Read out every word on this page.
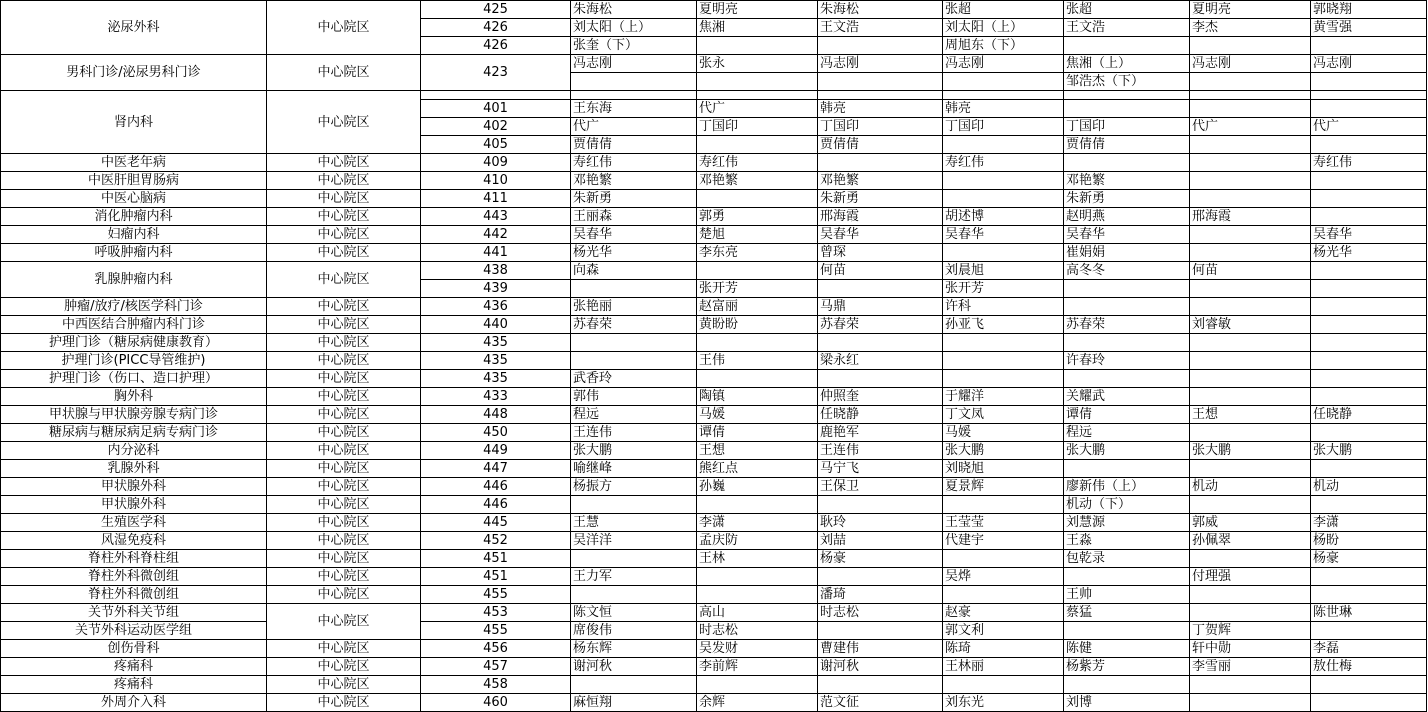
泌尿外科	中心院区	425	朱海松	夏明亮	朱海松	张超	张超	夏明亮	郭晓翔
		426	刘太阳（上）	焦湘	王文浩	刘太阳（上）	王文浩	李杰	黄雪强
		426	张奎（下）			周旭东（下）			
男科门诊/泌尿男科门诊	中心院区	423	冯志刚	张永	冯志刚	冯志刚	焦湘（上）	冯志刚	冯志刚
							邹浩杰（下）		
肾内科	中心院区								
		401	王东海	代广	韩亮	韩亮			
		402	代广	丁国印	丁国印	丁国印	丁国印	代广	代广
		405	贾倩倩		贾倩倩		贾倩倩		
中医老年病	中心院区	409	寿红伟	寿红伟		寿红伟			寿红伟
中医肝胆胃肠病	中心院区	410	邓艳繁	邓艳繁	邓艳繁		邓艳繁		
中医心脑病	中心院区	411	朱新勇		朱新勇		朱新勇		
消化肿瘤内科	中心院区	443	王丽森	郭勇	邢海霞	胡述博	赵明燕	邢海霞	
妇瘤内科	中心院区	442	吴春华	楚旭	吴春华	吴春华	吴春华		吴春华
呼吸肿瘤内科	中心院区	441	杨光华	李东亮	曾琛		崔娟娟		杨光华
乳腺肿瘤内科	中心院区	438	向森		何苗	刘晨旭	高冬冬	何苗	
		439		张开芳		张开芳			
肿瘤/放疗/核医学科门诊	中心院区	436	张艳丽	赵富丽	马鼎	许科			
中西医结合肿瘤内科门诊	中心院区	440	苏春荣	黄盼盼	苏春荣	孙亚飞	苏春荣	刘睿敏	
护理门诊（糖尿病健康教育）	中心院区	435							
护理门诊(PICC导管维护)	中心院区	435		王伟	梁永红		许春玲		
护理门诊（伤口、造口护理）	中心院区	435	武香玲						
胸外科	中心院区	433	郭伟	陶镇	仲照奎	于耀洋	关耀武		
甲状腺与甲状腺旁腺专病门诊	中心院区	448	程远	马媛	任晓静	丁文凤	谭倩	王想	任晓静
糖尿病与糖尿病足病专病门诊	中心院区	450	王连伟	谭倩	鹿艳军	马媛	程远		
内分泌科	中心院区	449	张大鹏	王想	王连伟	张大鹏	张大鹏	张大鹏	张大鹏
乳腺外科	中心院区	447	喻继峰	熊红点	马宁飞	刘晓旭			
甲状腺外科	中心院区	446	杨振方	孙巍	王保卫	夏景辉	廖新伟（上）	机动	机动
甲状腺外科	中心院区	446					机动（下）		
生殖医学科	中心院区	445	王慧	李潇	耿玲	王莹莹	刘慧源	郭威	李潇
风湿免疫科	中心院区	452	吴洋洋	孟庆防	刘喆	代建宇	王淼	孙佩翠	杨盼
脊柱外科脊柱组	中心院区	451		王林	杨豪		包乾录		杨豪
脊柱外科微创组	中心院区	451	王力军			吴烨		付理强	
脊柱外科微创组	中心院区	455			潘琦		王帅		
关节外科关节组	中心院区	453	陈文恒	高山	时志松	赵豪	蔡猛		陈世琳
关节外科运动医学组		455	席俊伟	时志松		郭文利		丁贺辉	
创伤骨科	中心院区	456	杨东辉	吴发财	曹建伟	陈琦	陈健	轩中勋	李磊
疼痛科	中心院区	457	谢河秋	李前辉	谢河秋	王林丽	杨紫芳	李雪丽	敖仕梅
疼痛科	中心院区	458							
外周介入科	中心院区	460	麻恒翔	余辉	范文征	刘东光	刘博		
